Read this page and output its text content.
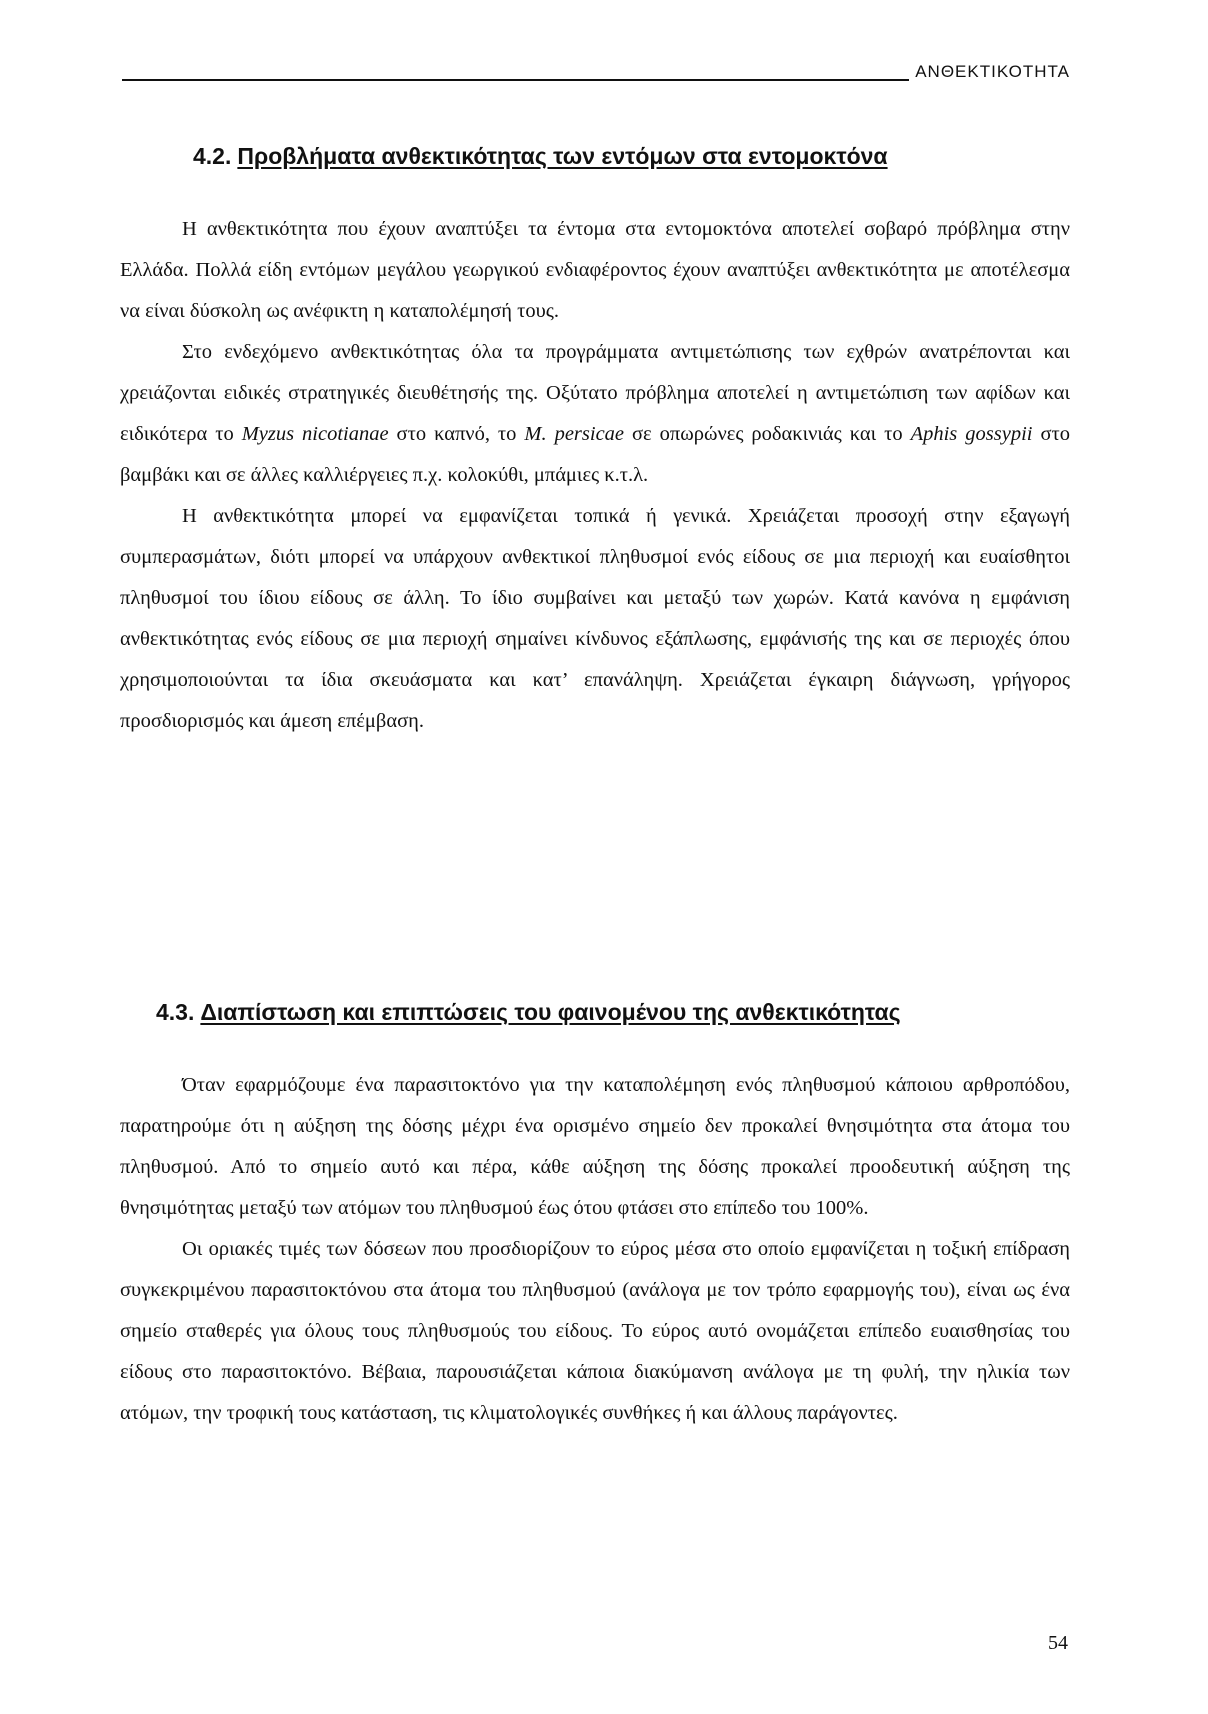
ΑΝΘΕΚΤΙΚΟΤΗΤΑ
4.2. Προβλήματα ανθεκτικότητας των εντόμων στα εντομοκτόνα

Η ανθεκτικότητα που έχουν αναπτύξει τα έντομα στα εντομοκτόνα αποτελεί σοβαρό πρόβλημα στην Ελλάδα. Πολλά είδη εντόμων μεγάλου γεωργικού ενδιαφέροντος έχουν αναπτύξει ανθεκτικότητα με αποτέλεσμα να είναι δύσκολη ως ανέφικτη η καταπολέμησή τους.

Στο ενδεχόμενο ανθεκτικότητας όλα τα προγράμματα αντιμετώπισης των εχθρών ανατρέπονται και χρειάζονται ειδικές στρατηγικές διευθέτησής της. Οξύτατο πρόβλημα αποτελεί η αντιμετώπιση των αφίδων και ειδικότερα το Myzus nicotianae στο καπνό, το M. persicae σε οπωρώνες ροδακινιάς και το Aphis gossypii στο βαμβάκι και σε άλλες καλλιέργειες π.χ. κολοκύθι, μπάμιες κ.τ.λ.

Η ανθεκτικότητα μπορεί να εμφανίζεται τοπικά ή γενικά. Χρειάζεται προσοχή στην εξαγωγή συμπερασμάτων, διότι μπορεί να υπάρχουν ανθεκτικοί πληθυσμοί ενός είδους σε μια περιοχή και ευαίσθητοι πληθυσμοί του ίδιου είδους σε άλλη. Το ίδιο συμβαίνει και μεταξύ των χωρών. Κατά κανόνα η εμφάνιση ανθεκτικότητας ενός είδους σε μια περιοχή σημαίνει κίνδυνος εξάπλωσης, εμφάνισής της και σε περιοχές όπου χρησιμοποιούνται τα ίδια σκευάσματα και κατ’ επανάληψη. Χρειάζεται έγκαιρη διάγνωση, γρήγορος προσδιορισμός και άμεση επέμβαση.

4.3. Διαπίστωση και επιπτώσεις του φαινομένου της ανθεκτικότητας

Όταν εφαρμόζουμε ένα παρασιτοκτόνο για την καταπολέμηση ενός πληθυσμού κάποιου αρθροπόδου, παρατηρούμε ότι η αύξηση της δόσης μέχρι ένα ορισμένο σημείο δεν προκαλεί θνησιμότητα στα άτομα του πληθυσμού. Από το σημείο αυτό και πέρα, κάθε αύξηση της δόσης προκαλεί προοδευτική αύξηση της θνησιμότητας μεταξύ των ατόμων του πληθυσμού έως ότου φτάσει στο επίπεδο του 100%.

Οι οριακές τιμές των δόσεων που προσδιορίζουν το εύρος μέσα στο οποίο εμφανίζεται η τοξική επίδραση συγκεκριμένου παρασιτοκτόνου στα άτομα του πληθυσμού (ανάλογα με τον τρόπο εφαρμογής του), είναι ως ένα σημείο σταθερές για όλους τους πληθυσμούς του είδους. Το εύρος αυτό ονομάζεται επίπεδο ευαισθησίας του είδους στο παρασιτοκτόνο. Βέβαια, παρουσιάζεται κάποια διακύμανση ανάλογα με τη φυλή, την ηλικία των ατόμων, την τροφική τους κατάσταση, τις κλιματολογικές συνθήκες ή και άλλους παράγοντες.

54
